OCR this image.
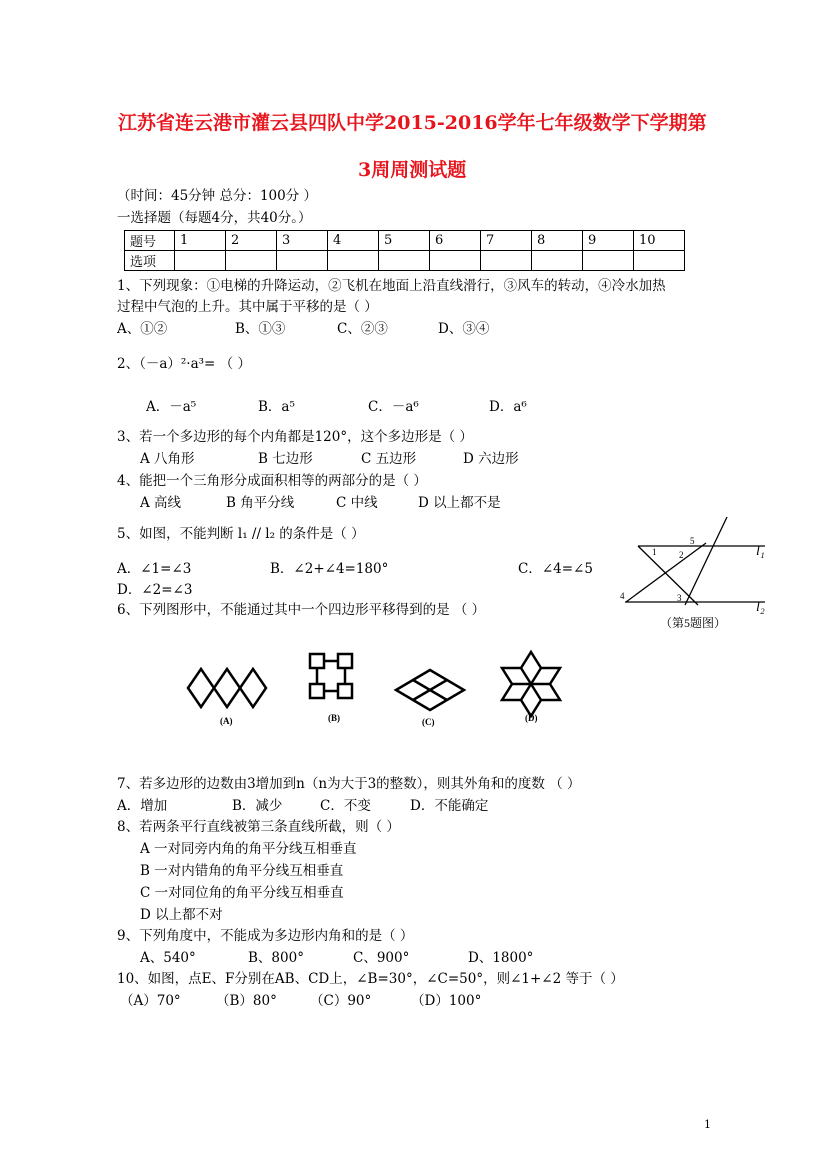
江苏省连云港市灌云县四队中学2015-2016学年七年级数学下学期第
3周周测试题
（时间：45分钟 总分：100分 ）
一选择题（每题4分，共40分。）
题号	1	2	3	4	5	6	7	8	9	10
选项										
1、下列现象：①电梯的升降运动，②飞机在地面上沿直线滑行，③风车的转动，④冷水加热
过程中气泡的上升。其中属于平移的是（ ）
A、①②	B、①③	C、②③	D、③④
2、（－a）²·a³= （ ）
A．－a⁵	B．a⁵	C．－a⁶	D．a⁶
3、若一个多边形的每个内角都是120°，这个多边形是（ ）
A 八角形	B 七边形	C 五边形	D 六边形
4、能把一个三角形分成面积相等的两部分的是（ ）
A 高线	B 角平分线	C 中线	D 以上都不是
5、如图，不能判断 l₁ // l₂ 的条件是（ ）
A．∠1=∠3	B．∠2+∠4=180°	C．∠4=∠5
D．∠2=∠3
1	2
5
4	3
l₁
l₂
（第5题图）
6、下列图形中，不能通过其中一个四边形平移得到的是 （ ）
(A)	(B)	(C)	(D)
7、若多边形的边数由3增加到n（n为大于3的整数），则其外角和的度数 （ ）
A．增加	B．减少	C．不变	D．不能确定
8、若两条平行直线被第三条直线所截，则（ ）
A 一对同旁内角的角平分线互相垂直
B 一对内错角的角平分线互相垂直
C 一对同位角的角平分线互相垂直
D 以上都不对
9、下列角度中，不能成为多边形内角和的是（ ）
A、540°	B、800°	C、900°	D、1800°
10、如图，点E、F分别在AB、CD上，∠B=30°，∠C=50°，则∠1+∠2 等于（ ）
（A）70°	（B）80° （C）90°	（D）100°
1
